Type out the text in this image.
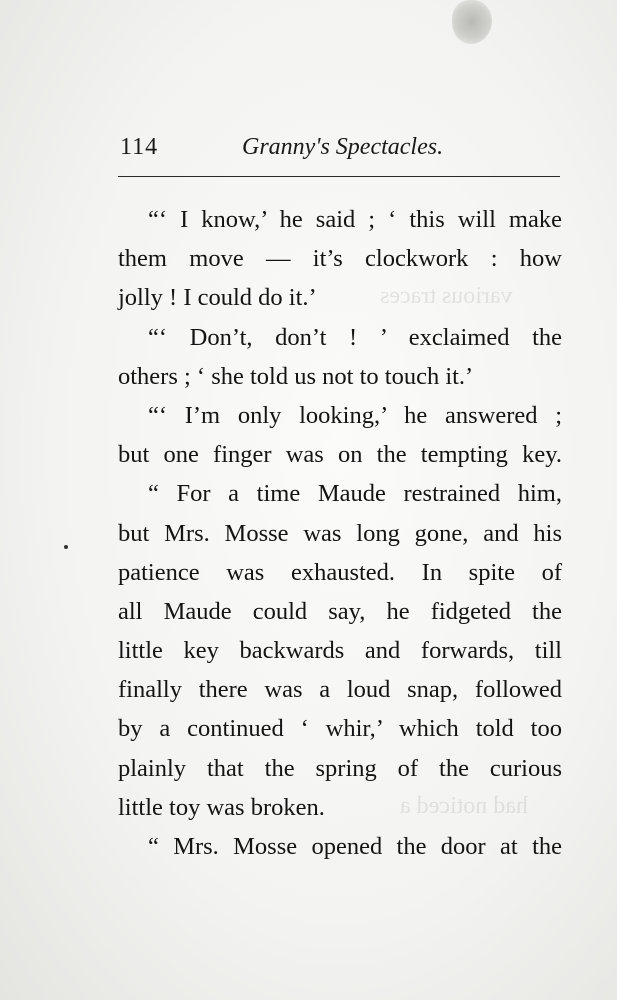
various traces
had noticed a
114	Granny's Spectacles.
“‘ I know,’ he said ; ‘ this will make
them move — it’s clockwork : how
jolly ! I could do it.’
“‘ Don’t, don’t ! ’ exclaimed the
others ; ‘ she told us not to touch it.’
“‘ I’m only looking,’ he answered ;
but one finger was on the tempting key.
“ For a time Maude restrained him,
but Mrs. Mosse was long gone, and his
patience was exhausted. In spite of
all Maude could say, he fidgeted the
little key backwards and forwards, till
finally there was a loud snap, followed
by a continued ‘ whir,’ which told too
plainly that the spring of the curious
little toy was broken.
“ Mrs. Mosse opened the door at the
